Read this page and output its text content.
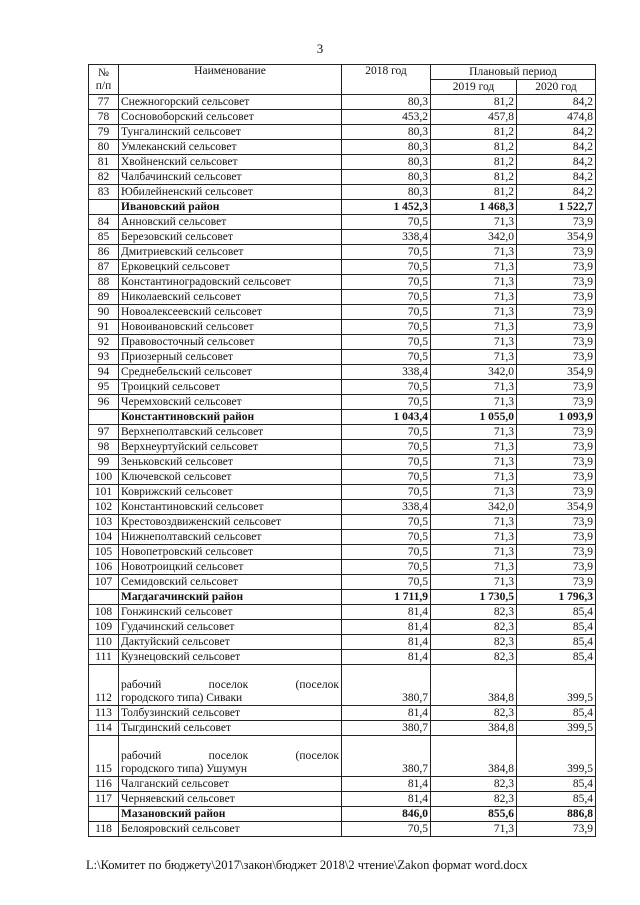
3
№
п/п	Наименование	2018 год	Плановый период	
			2019 год	2020 год
77	Снежногорский сельсовет	80,3	81,2	84,2
78	Сосновоборский сельсовет	453,2	457,8	474,8
79	Тунгалинский сельсовет	80,3	81,2	84,2
80	Умлеканский сельсовет	80,3	81,2	84,2
81	Хвойненский сельсовет	80,3	81,2	84,2
82	Чалбачинский сельсовет	80,3	81,2	84,2
83	Юбилейненский сельсовет	80,3	81,2	84,2
	Ивановский район	1 452,3	1 468,3	1 522,7
84	Анновский сельсовет	70,5	71,3	73,9
85	Березовский сельсовет	338,4	342,0	354,9
86	Дмитриевский сельсовет	70,5	71,3	73,9
87	Ерковецкий сельсовет	70,5	71,3	73,9
88	Константиноградовский сельсовет	70,5	71,3	73,9
89	Николаевский сельсовет	70,5	71,3	73,9
90	Новоалексеевский сельсовет	70,5	71,3	73,9
91	Новоивановский сельсовет	70,5	71,3	73,9
92	Правовосточный сельсовет	70,5	71,3	73,9
93	Приозерный сельсовет	70,5	71,3	73,9
94	Среднебельский сельсовет	338,4	342,0	354,9
95	Троицкий сельсовет	70,5	71,3	73,9
96	Черемховский сельсовет	70,5	71,3	73,9
	Константиновский район	1 043,4	1 055,0	1 093,9
97	Верхнеполтавский сельсовет	70,5	71,3	73,9
98	Верхнеуртуйский сельсовет	70,5	71,3	73,9
99	Зеньковский сельсовет	70,5	71,3	73,9
100	Ключевской сельсовет	70,5	71,3	73,9
101	Коврижский сельсовет	70,5	71,3	73,9
102	Константиновский сельсовет	338,4	342,0	354,9
103	Крестовоздвиженский сельсовет	70,5	71,3	73,9
104	Нижнеполтавский сельсовет	70,5	71,3	73,9
105	Новопетровский сельсовет	70,5	71,3	73,9
106	Новотроицкий сельсовет	70,5	71,3	73,9
107	Семидовский сельсовет	70,5	71,3	73,9
	Магдагачинский район	1 711,9	1 730,5	1 796,3
108	Гонжинский сельсовет	81,4	82,3	85,4
109	Гудачинский сельсовет	81,4	82,3	85,4
110	Дактуйский сельсовет	81,4	82,3	85,4
111	Кузнецовский сельсовет	81,4	82,3	85,4
112	рабочий поселок (поселок
городского типа) Сиваки	380,7	384,8	399,5
113	Толбузинский сельсовет	81,4	82,3	85,4
114	Тыгдинский сельсовет	380,7	384,8	399,5
115	рабочий поселок (поселок
городского типа) Ушумун	380,7	384,8	399,5
116	Чалганский сельсовет	81,4	82,3	85,4
117	Черняевский сельсовет	81,4	82,3	85,4
	Мазановский район	846,0	855,6	886,8
118	Белояровский сельсовет	70,5	71,3	73,9
L:\Комитет по бюджету\2017\закон\бюджет 2018\2 чтение\Zakon формат word.docx
